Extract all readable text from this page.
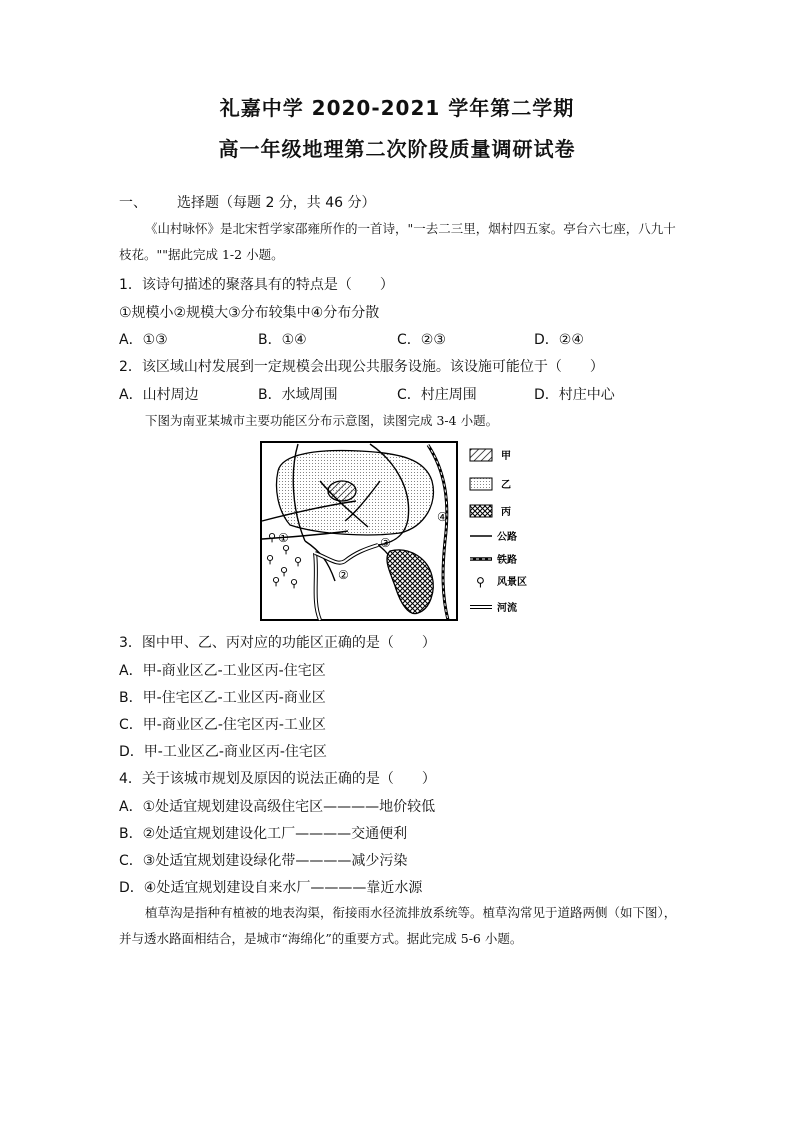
礼嘉中学 2020-2021 学年第二学期
高一年级地理第二次阶段质量调研试卷
一、 选择题（每题 2 分，共 46 分）
《山村咏怀》是北宋哲学家邵雍所作的一首诗，"一去二三里，烟村四五家。亭台六七座，八九十枝花。""据此完成 1-2 小题。
1．该诗句描述的聚落具有的特点是（　　）
①规模小②规模大③分布较集中④分布分散
A．①③	B．①④	C．②③	D．②④
2．该区域山村发展到一定规模会出现公共服务设施。该设施可能位于（　　）
A．山村周边	B．水域周围	C．村庄周围	D．村庄中心
下图为南亚某城市主要功能区分布示意图，读图完成 3-4 小题。
⚲
⚲
⚲
⚲
⚲
⚲
⚲
①
②
③
④
甲
乙
丙
公路
铁路
⚲ 风景区
河流
3．图中甲、乙、丙对应的功能区正确的是（　　）
A．甲-商业区乙-工业区丙-住宅区
B．甲-住宅区乙-工业区丙-商业区
C．甲-商业区乙-住宅区丙-工业区
D．甲-工业区乙-商业区丙-住宅区
4．关于该城市规划及原因的说法正确的是（　　）
A．①处适宜规划建设高级住宅区————地价较低
B．②处适宜规划建设化工厂————交通便利
C．③处适宜规划建设绿化带————减少污染
D．④处适宜规划建设自来水厂————靠近水源
植草沟是指种有植被的地表沟渠，衔接雨水径流排放系统等。植草沟常见于道路两侧（如下图），并与透水路面相结合，是城市“海绵化”的重要方式。据此完成 5-6 小题。
